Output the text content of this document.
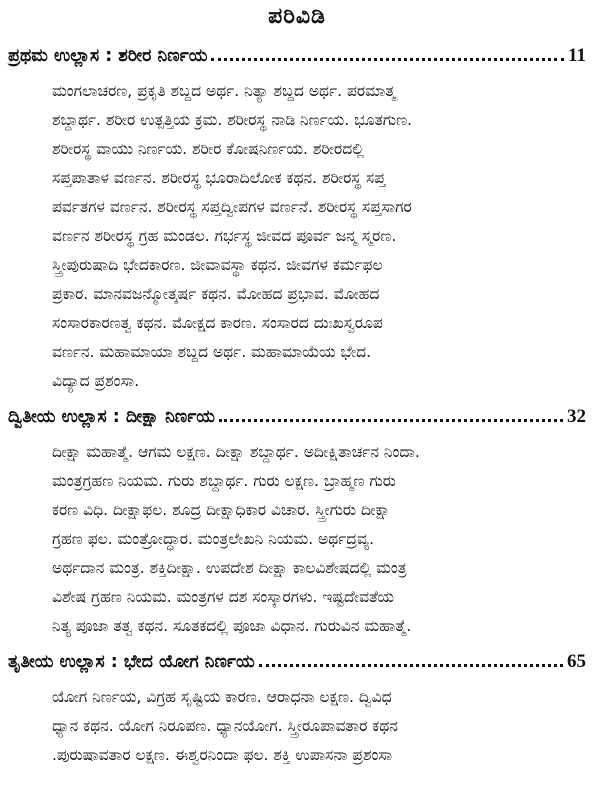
ಪರಿವಿಡಿ
ಪ್ರಥಮ ಉಲ್ಲಾಸ : ಶರೀರ ನಿರ್ಣಯ	11
ಮಂಗಲಾಚರಣ, ಪ್ರಕೃತಿ ಶಬ್ದದ ಅರ್ಥ. ನಿತ್ಯಾ ಶಬ್ದದ ಅರ್ಥ. ಪರಮಾತ್ಮ
ಶಬ್ದಾರ್ಥ. ಶರೀರ ಉತ್ಪತ್ತಿಯ ಕ್ರಮ. ಶರೀರಸ್ಥ ನಾಡಿ ನಿರ್ಣಯ. ಭೂತಗುಣ.
ಶರೀರಸ್ಥ ವಾಯು ನಿರ್ಣಯ. ಶರೀರ ಕೋಷನಿರ್ಣಯ. ಶರೀರದಲ್ಲಿ
ಸಪ್ತಪಾತಾಳ ವರ್ಣನ. ಶರೀರಸ್ಥ ಭೂರಾದಿಲೋಕ ಕಥನ. ಶರೀರಸ್ಥ ಸಪ್ತ
ಪರ್ವತಗಳ ವರ್ಣನ. ಶರೀರಸ್ಥ ಸಪ್ತದ್ವೀಪಗಳ ವರ್ಣನೆ. ಶರೀರಸ್ಥ ಸಪ್ತಸಾಗರ
ವರ್ಣನ ಶರೀರಸ್ಥ ಗ್ರಹ ಮಂಡಲ. ಗರ್ಭಸ್ಥ ಜೀವದ ಪೂರ್ವ ಜನ್ಮ ಸ್ಮರಣ.
ಸ್ತ್ರೀಪುರುಷಾದಿ ಭೇದಕಾರಣ. ಜೀವಾವಸ್ಥಾ ಕಥನ. ಜೀವಗಳ ಕರ್ಮಫಲ
ಪ್ರಕಾರ. ಮಾನವಜನ್ಮೋತ್ಕರ್ಷ ಕಥನ. ಮೋಹದ ಪ್ರಭಾವ. ಮೋಹದ
ಸಂಸಾರಕಾರಣತ್ವ ಕಥನ. ಮೋಕ್ಷದ ಕಾರಣ. ಸಂಸಾರದ ದುಃಖಸ್ವರೂಪ
ವರ್ಣನ. ಮಹಾಮಾಯಾ ಶಬ್ದದ ಅರ್ಥ. ಮಹಾಮಾಯೆಯ ಭೇದ.
ವಿದ್ಯಾದ ಪ್ರಶಂಸಾ.
ದ್ವಿತೀಯ ಉಲ್ಲಾಸ : ದೀಕ್ಷಾ ನಿರ್ಣಯ	32
ದೀಕ್ಷಾ ಮಹಾತ್ಮೆ. ಆಗಮ ಲಕ್ಷಣ. ದೀಕ್ಷಾ ಶಬ್ದಾರ್ಥ. ಅದೀಕ್ಷಿತಾರ್ಚನ ನಿಂದಾ.
ಮಂತ್ರಗ್ರಹಣ ನಿಯಮ. ಗುರು ಶಬ್ದಾರ್ಥ. ಗುರು ಲಕ್ಷಣ. ಬ್ರಾಹ್ಮಣ ಗುರು
ಕರಣ ವಿಧಿ. ದೀಕ್ಷಾಫಲ. ಶೂದ್ರ ದೀಕ್ಷಾಧಿಕಾರ ವಿಚಾರ. ಸ್ತ್ರೀಗುರು ದೀಕ್ಷಾ
ಗ್ರಹಣ ಫಲ. ಮಂತ್ರೋದ್ಧಾರ. ಮಂತ್ರಲೇಖನಿ ನಿಯಮ. ಅರ್ಥದ್ರವ್ಯ.
ಅರ್ಥದಾನ ಮಂತ್ರ. ಶಕ್ತಿದೀಕ್ಷಾ. ಉಪದೇಶ ದೀಕ್ಷಾ ಕಾಲವಿಶೇಷದಲ್ಲಿ ಮಂತ್ರ
ವಿಶೇಷ ಗ್ರಹಣ ನಿಯಮ. ಮಂತ್ರಗಳ ದಶ ಸಂಸ್ಕಾರಗಳು. ಇಷ್ಟದೇವತೆಯ
ನಿತ್ಯ ಪೂಜಾ ತತ್ವ ಕಥನ. ಸೂತಕದಲ್ಲಿ ಪೂಜಾ ವಿಧಾನ. ಗುರುವಿನ ಮಹಾತ್ಮೆ.
ತೃತೀಯ ಉಲ್ಲಾಸ : ಭೇದ ಯೋಗ ನಿರ್ಣಯ	65
ಯೋಗ ನಿರ್ಣಯ, ವಿಗ್ರಹ ಸೃಷ್ಟಿಯ ಕಾರಣ. ಆರಾಧನಾ ಲಕ್ಷಣ. ದ್ವಿವಿಧ
ಧ್ಯಾನ ಕಥನ. ಯೋಗ ನಿರೂಪಣ. ಧ್ಯಾನಯೋಗ. ಸ್ತ್ರೀರೂಪಾವತಾರ ಕಥನ
.ಪುರುಷಾವತಾರ ಲಕ್ಷಣ. ಈಶ್ವರನಿಂದಾ ಫಲ. ಶಕ್ತಿ ಉಪಾಸನಾ ಪ್ರಶಂಸಾ
